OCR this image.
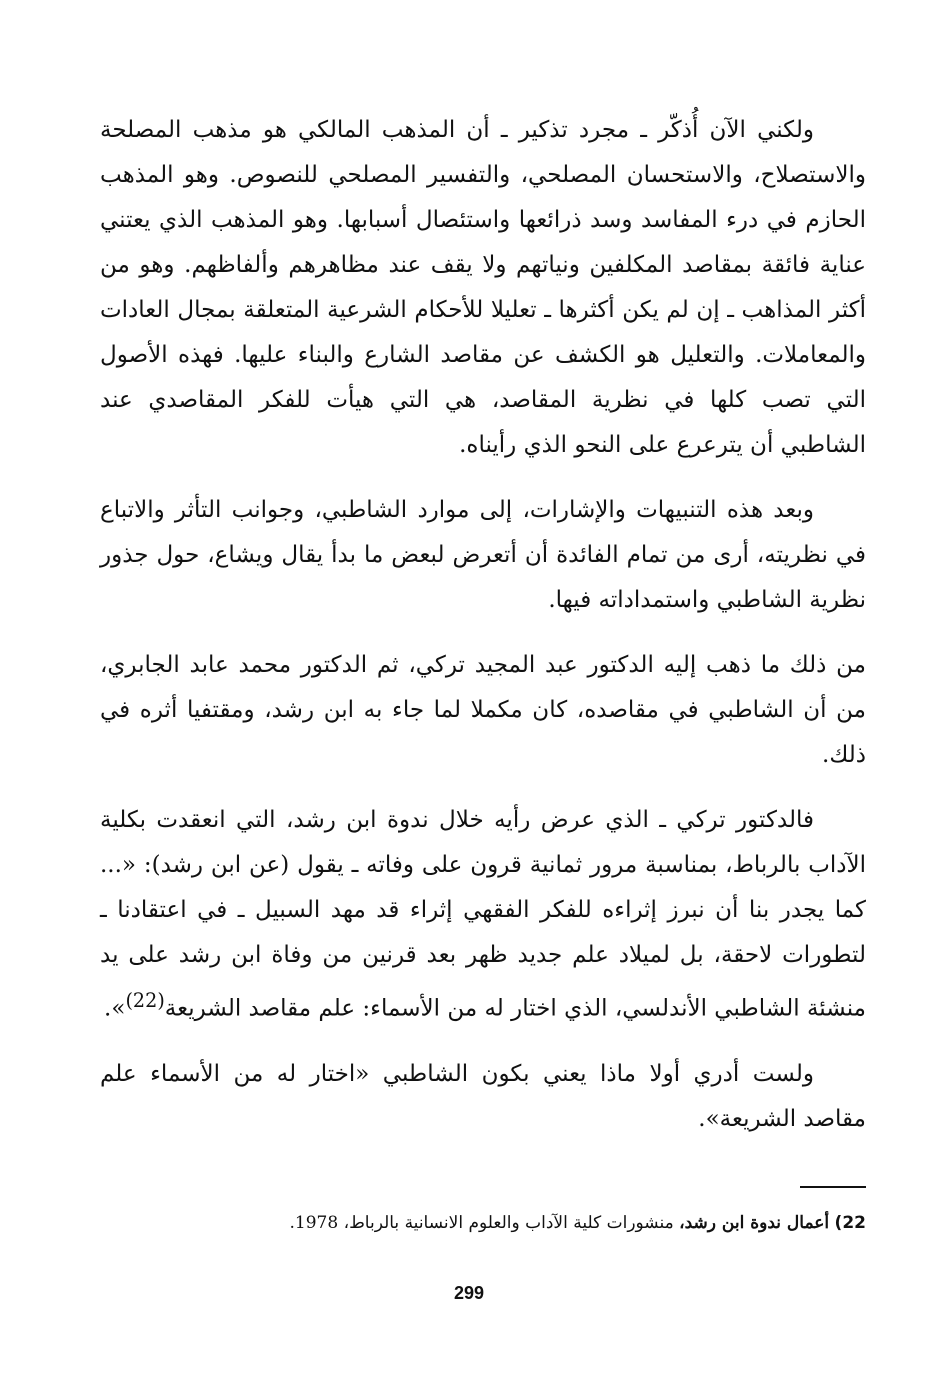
ولكني الآن أُذكّر ـ مجرد تذكير ـ أن المذهب المالكي هو مذهب المصلحة والاستصلاح، والاستحسان المصلحي، والتفسير المصلحي للنصوص. وهو المذهب الحازم في درء المفاسد وسد ذرائعها واستئصال أسبابها. وهو المذهب الذي يعتني عناية فائقة بمقاصد المكلفين ونياتهم ولا يقف عند مظاهرهم وألفاظهم. وهو من أكثر المذاهب ـ إن لم يكن أكثرها ـ تعليلا للأحكام الشرعية المتعلقة بمجال العادات والمعاملات. والتعليل هو الكشف عن مقاصد الشارع والبناء عليها. فهذه الأصول التي تصب كلها في نظرية المقاصد، هي التي هيأت للفكر المقاصدي عند الشاطبي أن يترعرع على النحو الذي رأيناه.

وبعد هذه التنبيهات والإشارات، إلى موارد الشاطبي، وجوانب التأثر والاتباع في نظريته، أرى من تمام الفائدة أن أتعرض لبعض ما بدأ يقال ويشاع، حول جذور نظرية الشاطبي واستمداداته فيها.

من ذلك ما ذهب إليه الدكتور عبد المجيد تركي، ثم الدكتور محمد عابد الجابري، من أن الشاطبي في مقاصده، كان مكملا لما جاء به ابن رشد، ومقتفيا أثره في ذلك.

فالدكتور تركي ـ الذي عرض رأيه خلال ندوة ابن رشد، التي انعقدت بكلية الآداب بالرباط، بمناسبة مرور ثمانية قرون على وفاته ـ يقول (عن ابن رشد): «... كما يجدر بنا أن نبرز إثراءه للفكر الفقهي إثراء قد مهد السبيل ـ في اعتقادنا ـ لتطورات لاحقة، بل لميلاد علم جديد ظهر بعد قرنين من وفاة ابن رشد على يد منشئة الشاطبي الأندلسي، الذي اختار له من الأسماء: علم مقاصد الشريعة$^{(22)}$».

ولست أدري أولا ماذا يعني بكون الشاطبي «اختار له من الأسماء علم مقاصد الشريعة».

22) أعمال ندوة ابن رشد، منشورات كلية الآداب والعلوم الانسانية بالرباط، 1978.
299
